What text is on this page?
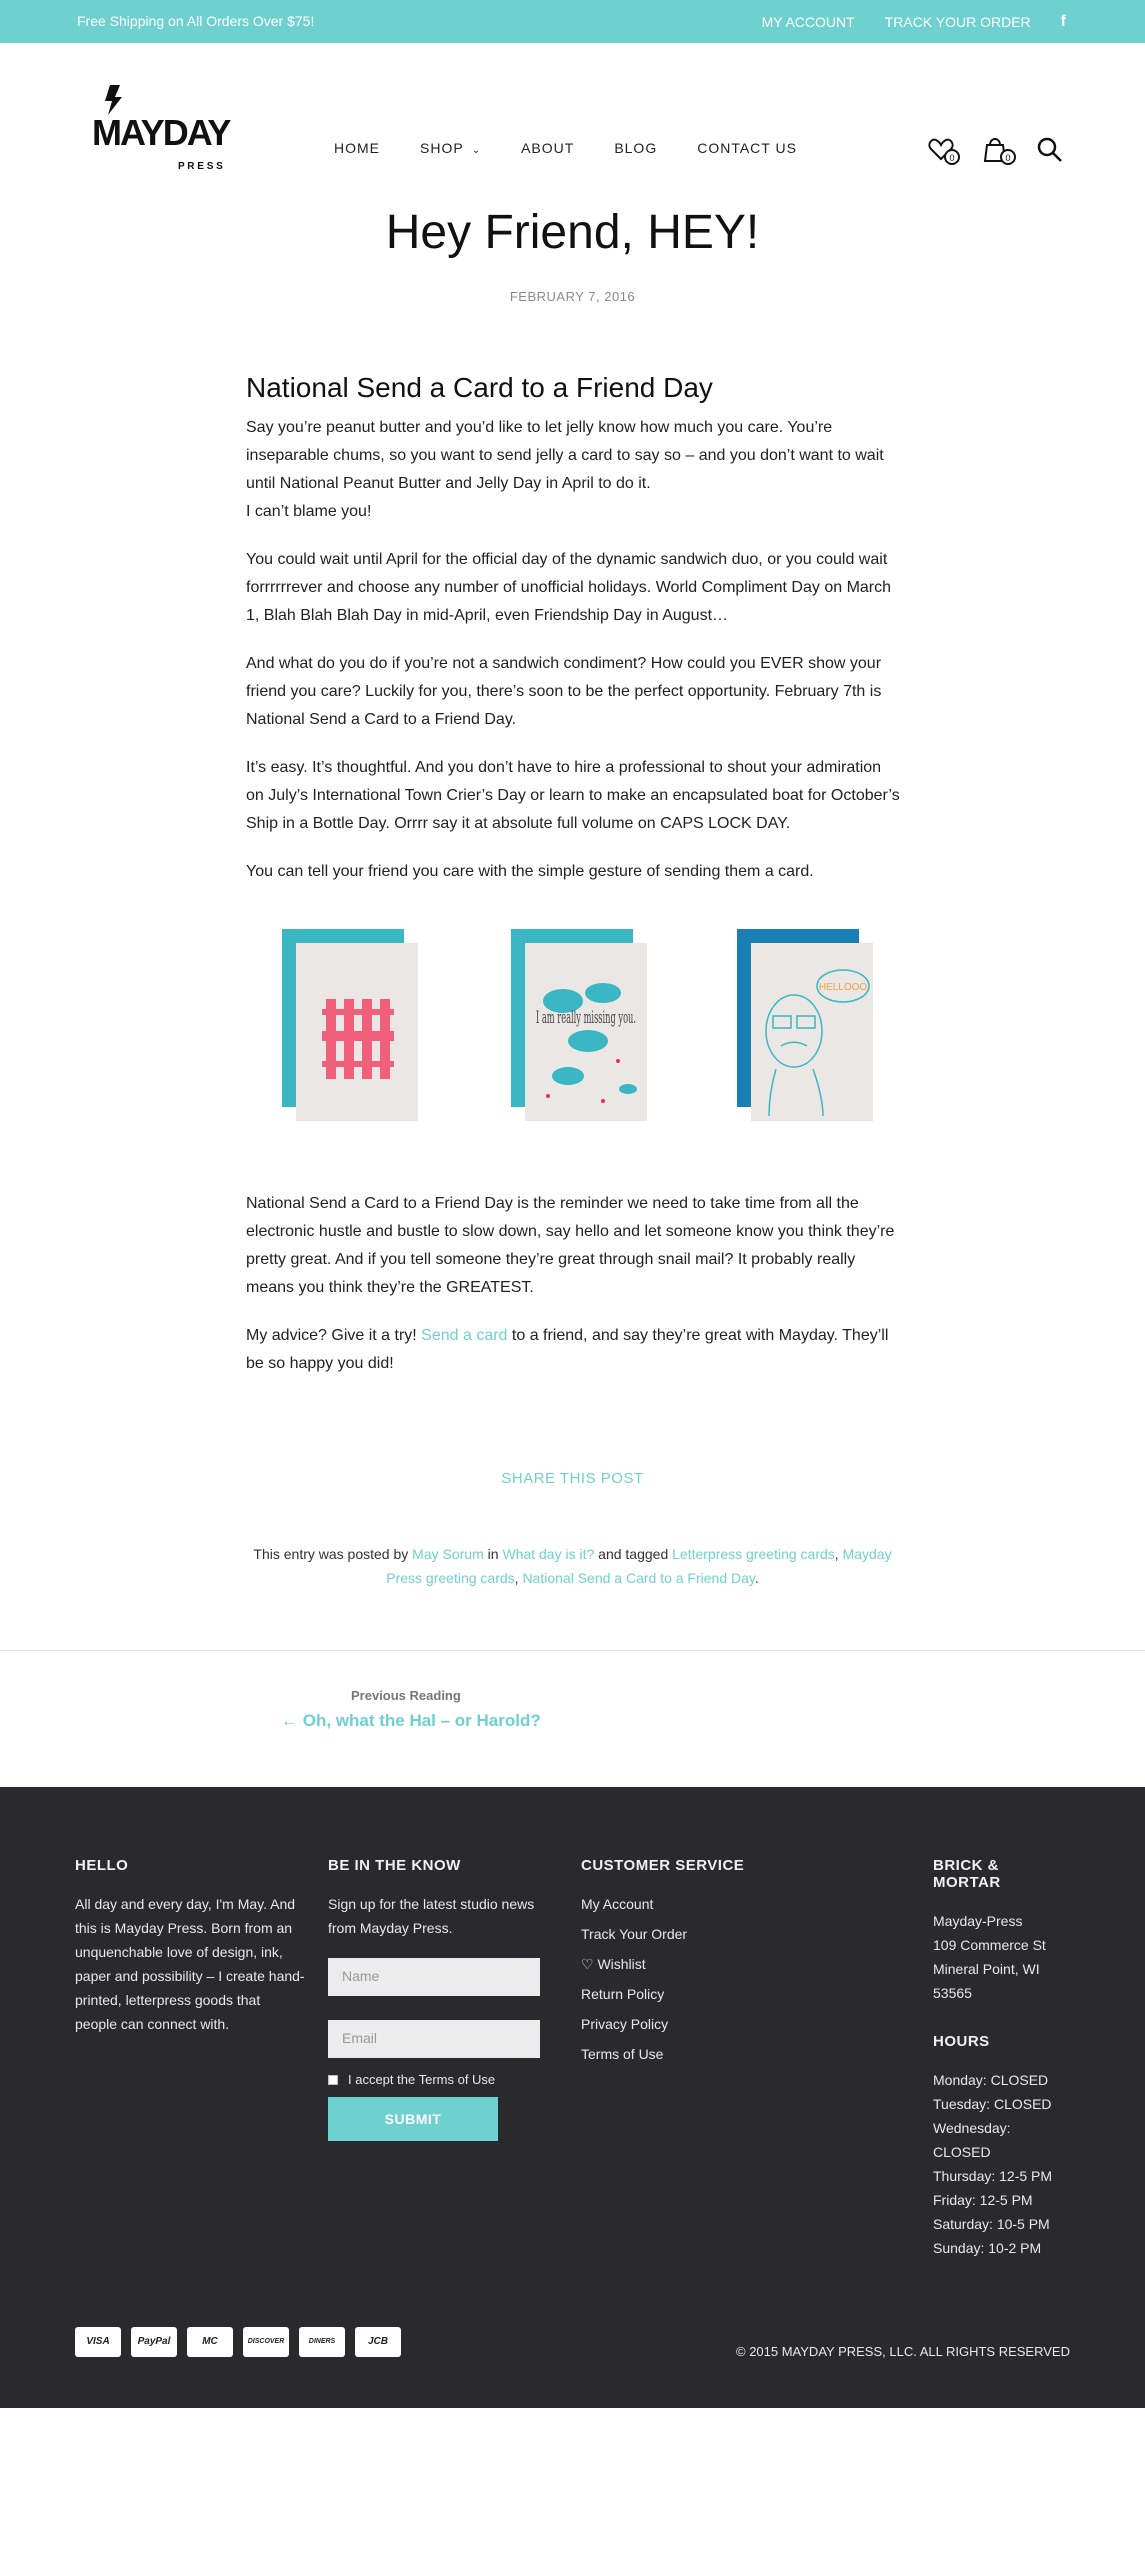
Free Shipping on All Orders Over $75!	MY ACCOUNT TRACK YOUR ORDER f
MAYDAY
P R E S S
HOME	SHOP ⌄	ABOUT	BLOG	CONTACT US
0	0
Hey Friend, HEY!
FEBRUARY 7, 2016
National Send a Card to a Friend Day

Say you’re peanut butter and you’d like to let jelly know how much you care. You’re inseparable chums, so you want to send jelly a card to say so – and you don’t want to wait until National Peanut Butter and Jelly Day in April to do it.

I can’t blame you!

You could wait until April for the official day of the dynamic sandwich duo, or you could wait forrrrrrever and choose any number of unofficial holidays. World Compliment Day on March 1, Blah Blah Blah Day in mid-April, even Friendship Day in August…

And what do you do if you’re not a sandwich condiment? How could you EVER show your friend you care? Luckily for you, there’s soon to be the perfect opportunity. February 7th is National Send a Card to a Friend Day.

It’s easy. It’s thoughtful. And you don’t have to hire a professional to shout your admiration on July’s International Town Crier’s Day or learn to make an encapsulated boat for October’s Ship in a Bottle Day. Orrrr say it at absolute full volume on CAPS LOCK DAY.

You can tell your friend you care with the simple gesture of sending them a card.

I am really missing you.
HELLOOO

National Send a Card to a Friend Day is the reminder we need to take time from all the electronic hustle and bustle to slow down, say hello and let someone know you think they’re pretty great. And if you tell someone they’re great through snail mail? It probably really means you think they’re the GREATEST.

My advice? Give it a try! Send a card to a friend, and say they’re great with Mayday. They’ll be so happy you did!

SHARE THIS POST
This entry was posted by May Sorum in What day is it? and tagged Letterpress greeting cards, Mayday Press greeting cards, National Send a Card to a Friend Day.
Previous Reading
← Oh, what the Hal – or Harold?
HELLO

All day and every day, I'm May. And this is Mayday Press. Born from an unquenchable love of design, ink, paper and possibility – I create hand-printed, letterpress goods that people can connect with.

BE IN THE KNOW

Sign up for the latest studio news from Mayday Press.

Name
Email
I accept the Terms of Use
SUBMIT
CUSTOMER SERVICE
My Account
Track Your Order
♡ Wishlist
Return Policy
Privacy Policy
Terms of Use
BRICK & MORTAR

Mayday-Press

109 Commerce St

Mineral Point, WI

53565

HOURS

Monday: CLOSED

Tuesday: CLOSED

Wednesday:

CLOSED

Thursday: 12-5 PM

Friday: 12-5 PM

Saturday: 10-5 PM

Sunday: 10-2 PM

VISA	PayPal	MC	DISCOVER	DINERS	JCB
© 2015 MAYDAY PRESS, LLC. ALL RIGHTS RESERVED
